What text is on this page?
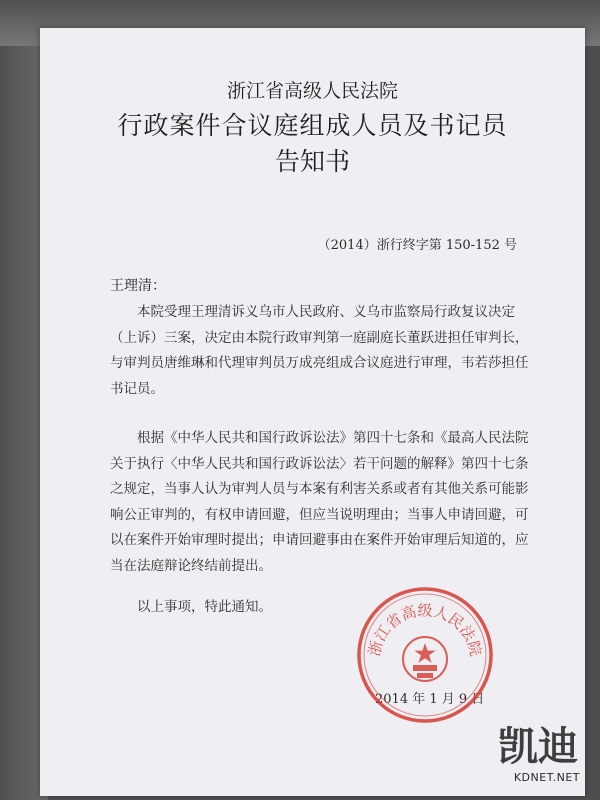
浙江省高级人民法院
行政案件合议庭组成人员及书记员
告知书
（2014）浙行终字第 150-152 号
王理清：

本院受理王理清诉义乌市人民政府、义乌市监察局行政复议决定（上诉）三案，决定由本院行政审判第一庭副庭长董跃进担任审判长，与审判员唐维琳和代理审判员万成亮组成合议庭进行审理，韦若莎担任书记员。

根据《中华人民共和国行政诉讼法》第四十七条和《最高人民法院关于执行〈中华人民共和国行政诉讼法〉若干问题的解释》第四十七条之规定，当事人认为审判人员与本案有利害关系或者有其他关系可能影响公正审判的，有权申请回避，但应当说明理由；当事人申请回避，可以在案件开始审理时提出；申请回避事由在案件开始审理后知道的，应当在法庭辩论终结前提出。

以上事项，特此通知。

2014 年 1 月 9 日
浙江省高级人民法院
凯迪
KDNET.NET
